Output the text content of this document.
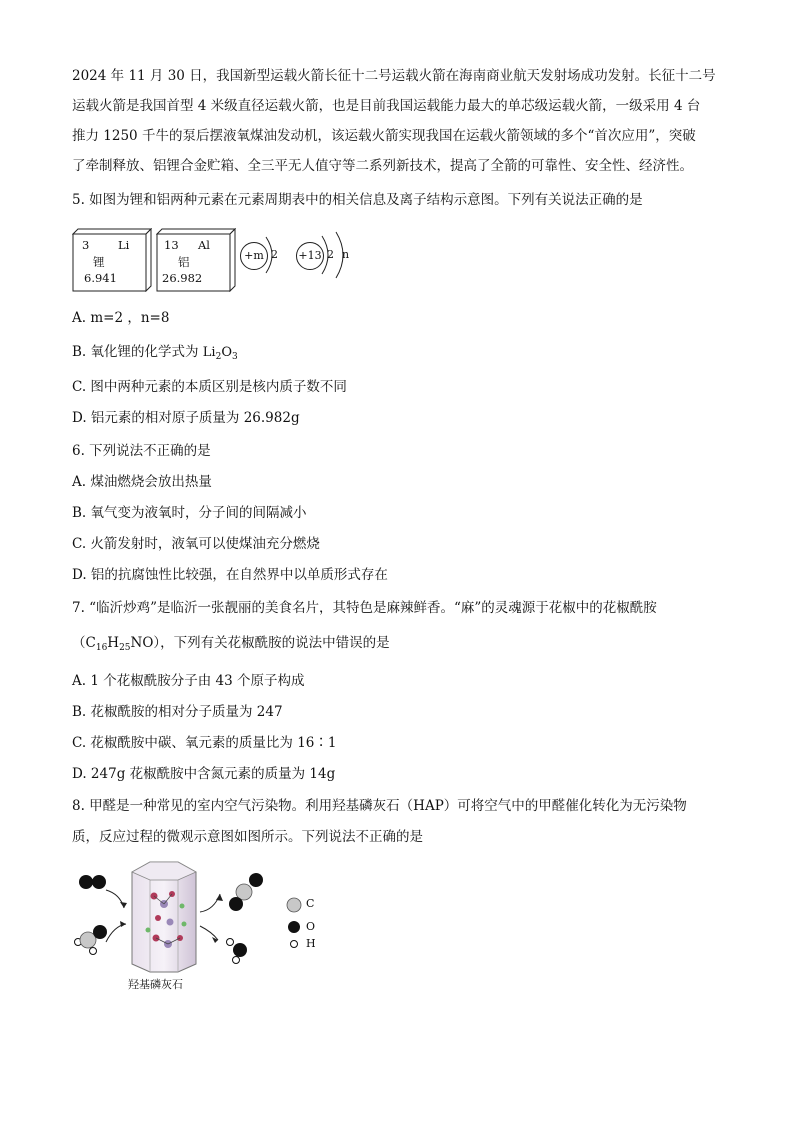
2024 年 11 月 30 日，我国新型运载火箭长征十二号运载火箭在海南商业航天发射场成功发射。长征十二号
运载火箭是我国首型 4 米级直径运载火箭，也是目前我国运载能力最大的单芯级运载火箭，一级采用 4 台
推力 1250 千牛的泵后摆液氧煤油发动机，该运载火箭实现我国在运载火箭领域的多个“首次应用”，突破
了牵制释放、铝锂合金贮箱、全三平无人值守等二系列新技术，提高了全箭的可靠性、安全性、经济性。
5. 如图为锂和铝两种元素在元素周期表中的相关信息及离子结构示意图。下列有关说法正确的是
3 Li
锂
6.941
13 Al
铝
26.982
+m 2 +13 2 n
A. m=2 ，n=8
B. 氧化锂的化学式为 $Li_2O_3$
C. 图中两种元素的本质区别是核内质子数不同
D. 铝元素的相对原子质量为 26.982g
6. 下列说法不正确的是
A. 煤油燃烧会放出热量
B. 氧气变为液氧时，分子间的间隔减小
C. 火箭发射时，液氧可以使煤油充分燃烧
D. 铝的抗腐蚀性比较强，在自然界中以单质形式存在
7. “临沂炒鸡”是临沂一张靓丽的美食名片，其特色是麻辣鲜香。“麻”的灵魂源于花椒中的花椒酰胺
$(C_{16}H_{25}NO)$，下列有关花椒酰胺的说法中错误的是
A. 1 个花椒酰胺分子由 43 个原子构成
B. 花椒酰胺的相对分子质量为 247
C. 花椒酰胺中碳、氧元素的质量比为 16∶1
D. 247g 花椒酰胺中含氮元素的质量为 14g
8. 甲醛是一种常见的室内空气污染物。利用羟基磷灰石（HAP）可将空气中的甲醛催化转化为无污染物
质，反应过程的微观示意图如图所示。下列说法不正确的是
C
O
H
羟基磷灰石
